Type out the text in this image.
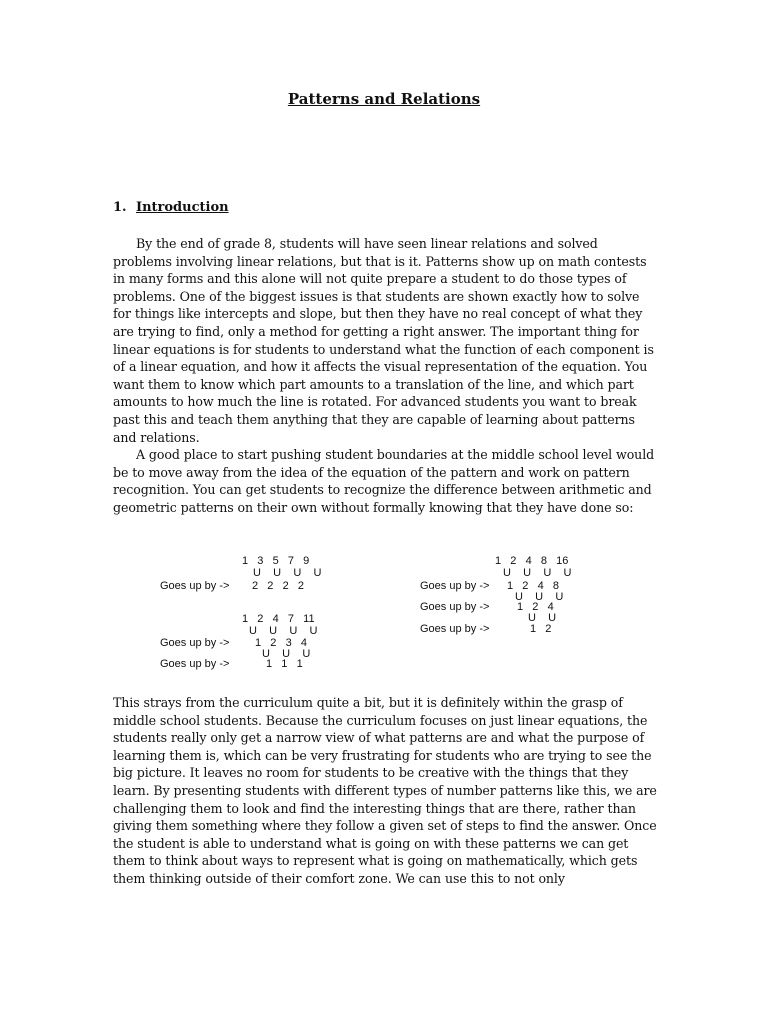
Patterns and Relations
1. Introduction

By the end of grade 8, students will have seen linear relations and solved problems involving linear relations, but that is it. Patterns show up on math contests in many forms and this alone will not quite prepare a student to do those types of problems. One of the biggest issues is that students are shown exactly how to solve for things like intercepts and slope, but then they have no real concept of what they are trying to find, only a method for getting a right answer. The important thing for linear equations is for students to understand what the function of each component is of a linear equation, and how it affects the visual representation of the equation. You want them to know which part amounts to a translation of the line, and which part amounts to how much the line is rotated. For advanced students you want to break past this and teach them anything that they are capable of learning about patterns and relations.

A good place to start pushing student boundaries at the middle school level would be to move away from the idea of the equation of the pattern and work on pattern recognition. You can get students to recognize the difference between arithmetic and geometric patterns on their own without formally knowing that they have done so:

1   3   5   7   9
U    U    U    U
Goes up by -> 2   2   2   2
1   2   4   7   11
U    U    U    U
Goes up by -> 1   2   3   4
U    U    U
Goes up by ->	1   1   1
1   2   4   8   16
U    U    U    U
Goes up by -> 1   2   4   8
U    U    U
Goes up by ->	1   2   4
U    U
Goes up by ->	1   2

This strays from the curriculum quite a bit, but it is definitely within the grasp of middle school students. Because the curriculum focuses on just linear equations, the students really only get a narrow view of what patterns are and what the purpose of learning them is, which can be very frustrating for students who are trying to see the big picture. It leaves no room for students to be creative with the things that they learn. By presenting students with different types of number patterns like this, we are challenging them to look and find the interesting things that are there, rather than giving them something where they follow a given set of steps to find the answer. Once the student is able to understand what is going on with these patterns we can get them to think about ways to represent what is going on mathematically, which gets them thinking outside of their comfort zone. We can use this to not only
